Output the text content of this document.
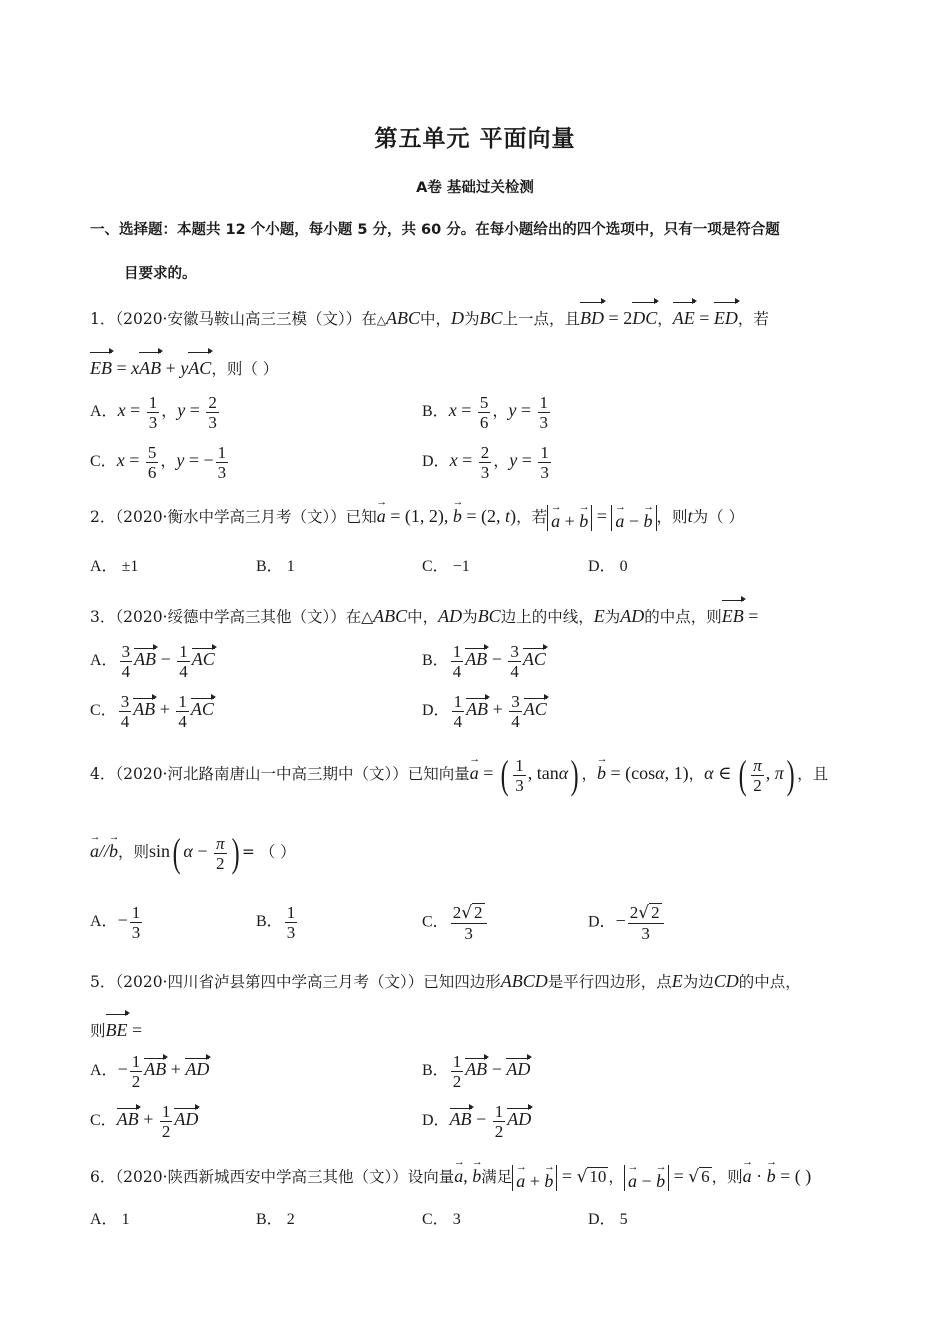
第五单元 平面向量
A卷 基础过关检测
一、选择题：本题共 12 个小题，每小题 5 分，共 60 分。在每小题给出的四个选项中，只有一项是符合题
目要求的。
1．（2020·安徽马鞍山高三三模（文））在△ABC中，D为BC上一点，且BD = 2DC，AE = ED，若
EB = xAB + yAC，则（ ）
A．$x = \frac{1}{3}$ ，$y = \frac{2}{3}$	B．$x = \frac{5}{6}$ ，$y = \frac{1}{3}$
C．$x = \frac{5}{6}$ ，y = − $\frac{1}{3}$	D．$x = \frac{2}{3}$ ，$y = \frac{1}{3}$
2．（2020·衡水中学高三月考（文））已知a → = (1, 2), b → = (2, t)，若 a → + b → = a → − b → ，则t为（ ）
A． ±1	B． 1	C． −1	D． 0
3．（2020·绥德中学高三其他（文））在△ABC中，AD为BC边上的中线，E为AD的中点，则EB =
A． $\frac{3}{4}$ AB − $\frac{1}{4}$ AC	B． $\frac{1}{4}$ AB − $\frac{3}{4}$ AC
C． $\frac{3}{4}$ AB + $\frac{1}{4}$ AC	D． $\frac{1}{4}$ AB + $\frac{3}{4}$ AC
4．（2020·河北路南唐山一中高三期中（文））已知向量a → = ( $\frac{1}{3}$ , tanα) ，b → = (cosα, 1)，α ∈ ( $\frac{\pi}{2}$ , π) ，且
a →//b →，则sin( $\alpha - \frac{\pi}{2}$ ) = （ ）
A．− $\frac{1}{3}$	B． $\frac{1}{3}$	C． $\frac{2√ 2}{3}$	D．− $\frac{2√ 2}{3}$
5．（2020·四川省泸县第四中学高三月考（文））已知四边形ABCD是平行四边形，点E为边CD的中点，
则BE =
A．− $\frac{1}{2}$ AB + AD	B． $\frac{1}{2}$ AB − AD
C．AB + $\frac{1}{2}$ AD	D．AB − $\frac{1}{2}$ AD
6．（2020·陕西新城西安中学高三其他（文））设向量a →, b →满足 a → + b → = √ 10 ， a → − b → = √ 6 ，则a → · b → = ( )
A． 1	B． 2	C． 3	D． 5
